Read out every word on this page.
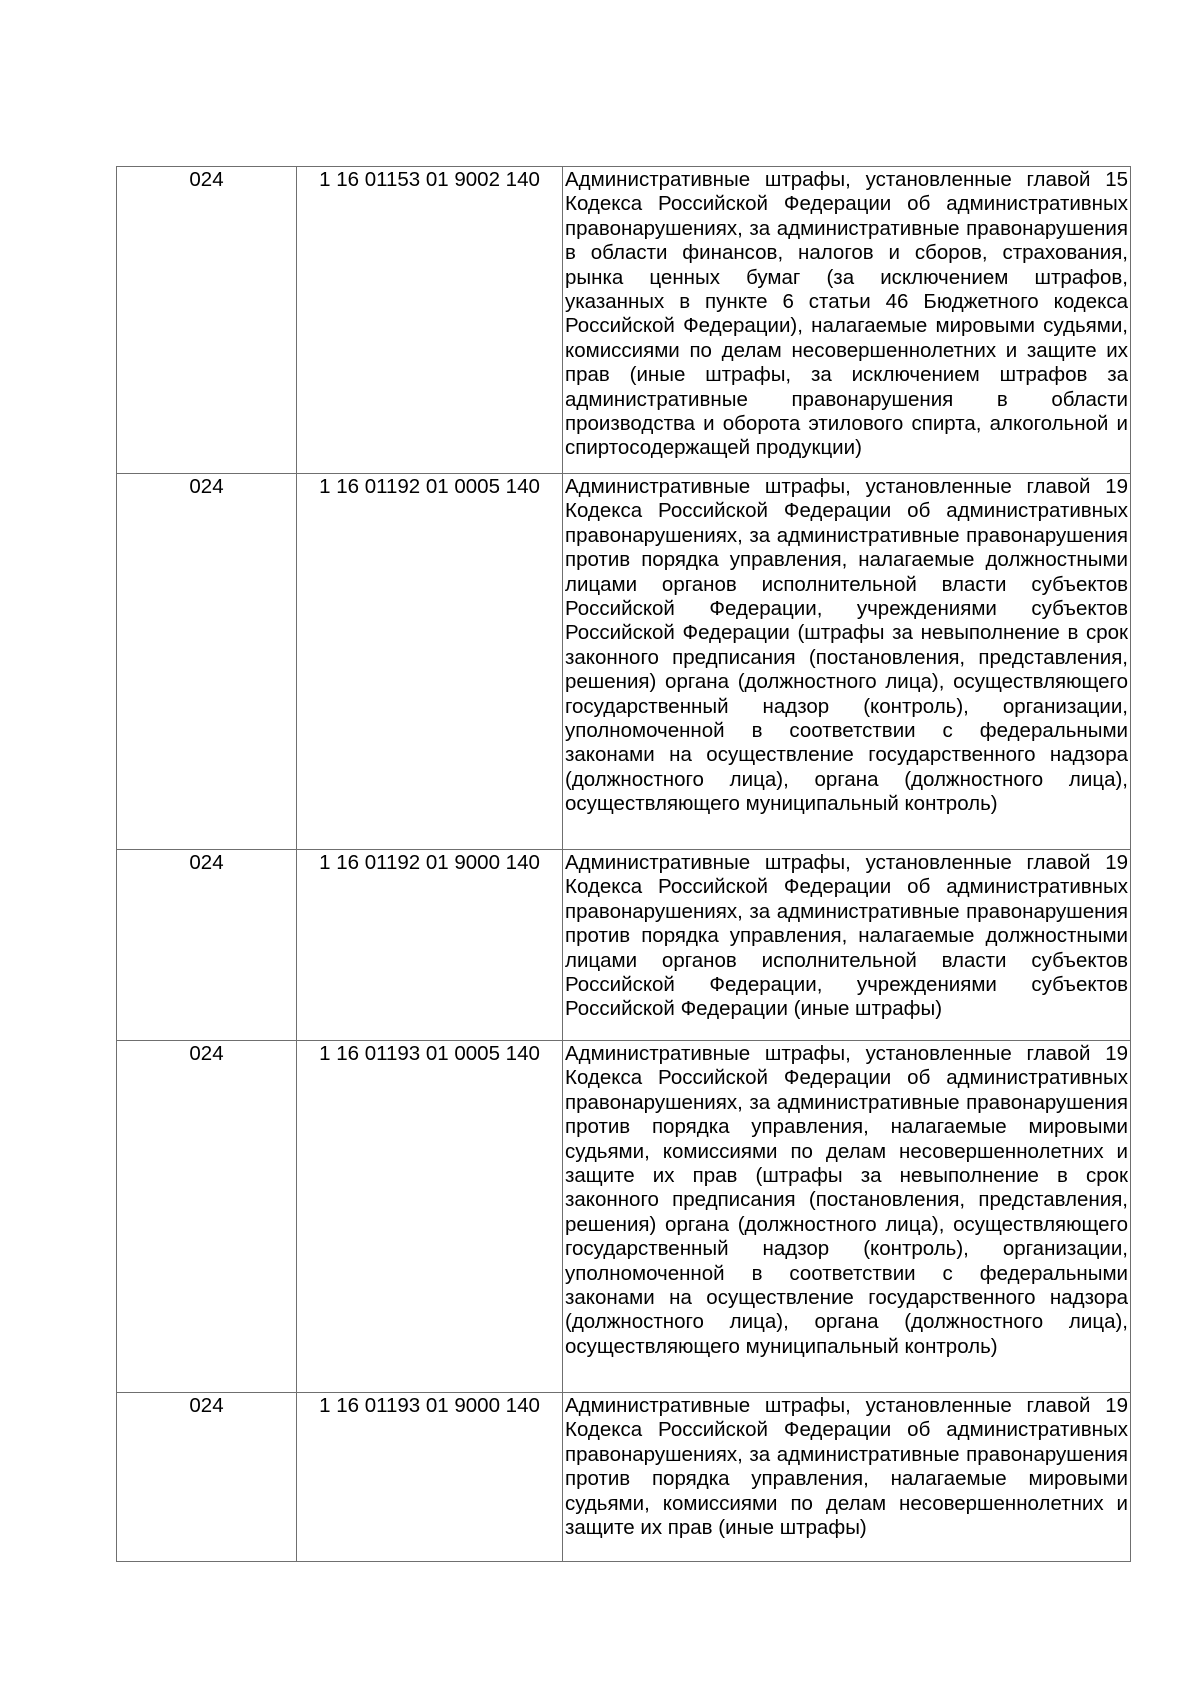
024	1 16 01153 01 9002 140	Административные штрафы, установленные главой 15 Кодекса Российской Федерации об административных правонарушениях, за административные правонарушения в области финансов, налогов и сборов, страхования, рынка ценных бумаг (за исключением штрафов, указанных в пункте 6 статьи 46 Бюджетного кодекса Российской Федерации), налагаемые мировыми судьями, комиссиями по делам несовершеннолетних и защите их прав (иные штрафы, за исключением штрафов за административные правонарушения в области производства и оборота этилового спирта, алкогольной и спиртосодержащей продукции)

024	1 16 01192 01 0005 140	Административные штрафы, установленные главой 19 Кодекса Российской Федерации об административных правонарушениях, за административные правонарушения против порядка управления, налагаемые должностными лицами органов исполнительной власти субъектов Российской Федерации, учреждениями субъектов Российской Федерации (штрафы за невыполнение в срок законного предписания (постановления, представления, решения) органа (должностного лица), осуществляющего государственный надзор (контроль), организации, уполномоченной в соответствии с федеральными законами на осуществление государственного надзора (должностного лица), органа (должностного лица), осуществляющего муниципальный контроль)

024	1 16 01192 01 9000 140	Административные штрафы, установленные главой 19 Кодекса Российской Федерации об административных правонарушениях, за административные правонарушения против порядка управления, налагаемые должностными лицами органов исполнительной власти субъектов Российской Федерации, учреждениями субъектов Российской Федерации (иные штрафы)

024	1 16 01193 01 0005 140	Административные штрафы, установленные главой 19 Кодекса Российской Федерации об административных правонарушениях, за административные правонарушения против порядка управления, налагаемые мировыми судьями, комиссиями по делам несовершеннолетних и защите их прав (штрафы за невыполнение в срок законного предписания (постановления, представления, решения) органа (должностного лица), осуществляющего государственный надзор (контроль), организации, уполномоченной в соответствии с федеральными законами на осуществление государственного надзора (должностного лица), органа (должностного лица), осуществляющего муниципальный контроль)

024	1 16 01193 01 9000 140	Административные штрафы, установленные главой 19 Кодекса Российской Федерации об административных правонарушениях, за административные правонарушения против порядка управления, налагаемые мировыми судьями, комиссиями по делам несовершеннолетних и защите их прав (иные штрафы)
